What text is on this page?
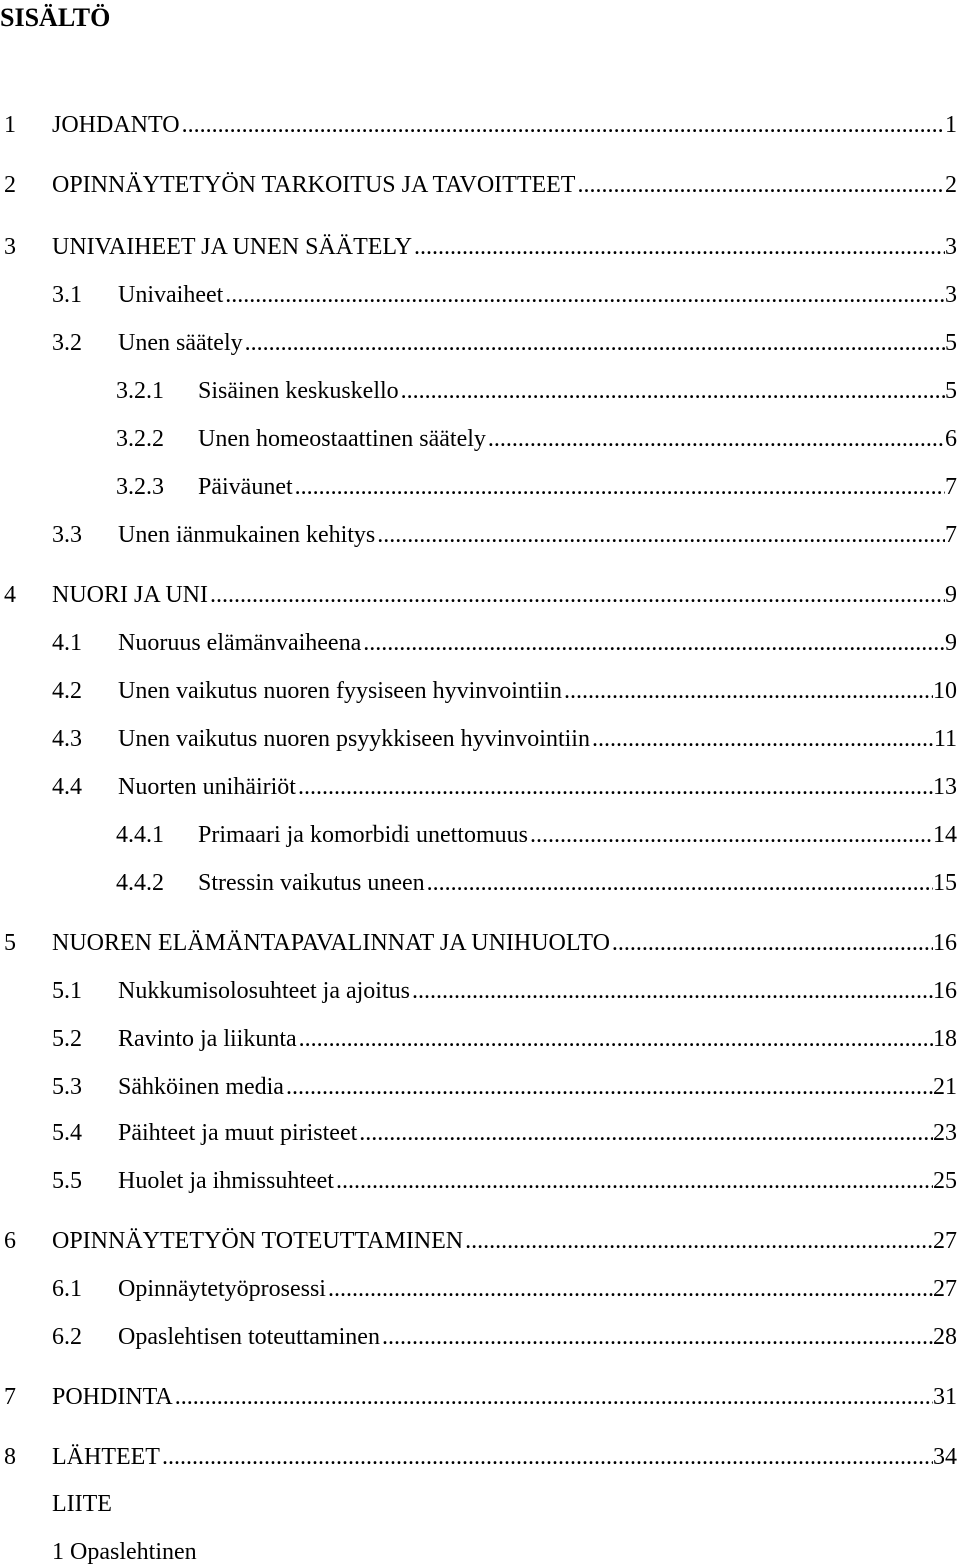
SISÄLTÖ
1	JOHDANTO .....	1
2	OPINNÄYTETYÖN TARKOITUS JA TAVOITTEET .....	2
3	UNIVAIHEET JA UNEN SÄÄTELY .....	3
3.1	Univaiheet .....	3
3.2	Unen säätely .....	5
3.2.1	Sisäinen keskuskello .....	5
3.2.2	Unen homeostaattinen säätely .....	6
3.2.3	Päiväunet .....	7
3.3	Unen iänmukainen kehitys .....	7
4	NUORI JA UNI .....	9
4.1	Nuoruus elämänvaiheena .....	9
4.2	Unen vaikutus nuoren fyysiseen hyvinvointiin .....	10
4.3	Unen vaikutus nuoren psyykkiseen hyvinvointiin .....	11
4.4	Nuorten unihäiriöt .....	13
4.4.1	Primaari ja komorbidi unettomuus .....	14
4.4.2	Stressin vaikutus uneen .....	15
5	NUOREN ELÄMÄNTAPAVALINNAT JA UNIHUOLTO .....	16
5.1	Nukkumisolosuhteet ja ajoitus .....	16
5.2	Ravinto ja liikunta .....	18
5.3	Sähköinen media .....	21
5.4	Päihteet ja muut piristeet .....	23
5.5	Huolet ja ihmissuhteet .....	25
6	OPINNÄYTETYÖN TOTEUTTAMINEN .....	27
6.1	Opinnäytetyöprosessi .....	27
6.2	Opaslehtisen toteuttaminen .....	28
7	POHDINTA .....	31
8	LÄHTEET .....	34
LIITE
1 Opaslehtinen
